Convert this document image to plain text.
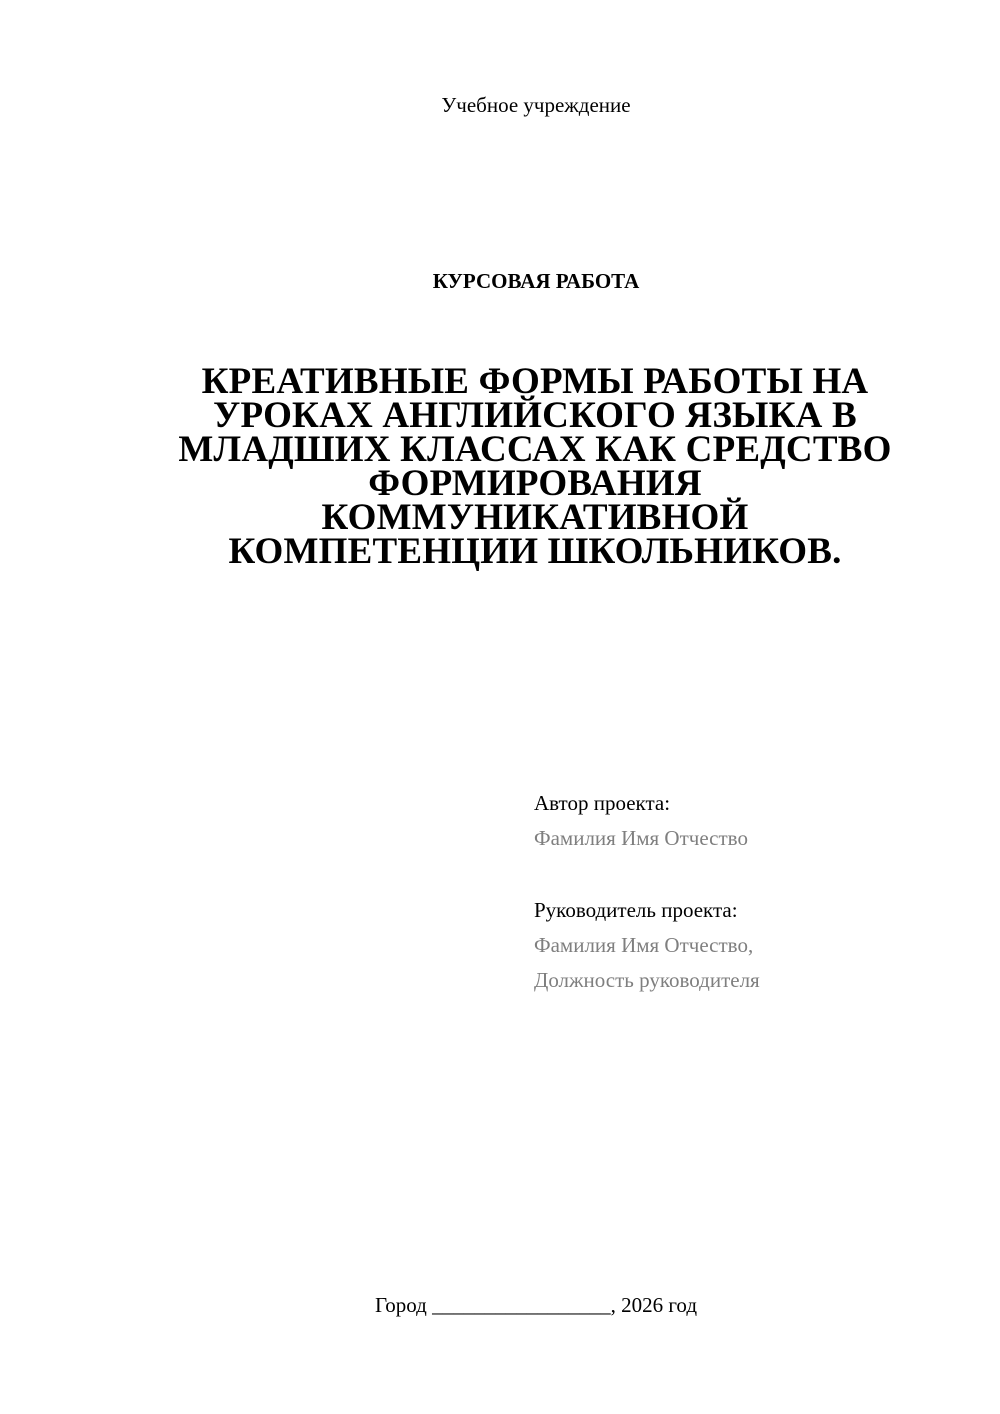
Учебное учреждение
КУРСОВАЯ РАБОТА
КРЕАТИВНЫЕ ФОРМЫ РАБОТЫ НА
УРОКАХ АНГЛИЙСКОГО ЯЗЫКА В
МЛАДШИХ КЛАССАХ КАК СРЕДСТВО
ФОРМИРОВАНИЯ
КОММУНИКАТИВНОЙ
КОМПЕТЕНЦИИ ШКОЛЬНИКОВ.
Автор проекта:
Фамилия Имя Отчество
Руководитель проекта:
Фамилия Имя Отчество,
Должность руководителя
Город _________________, 2026 год
